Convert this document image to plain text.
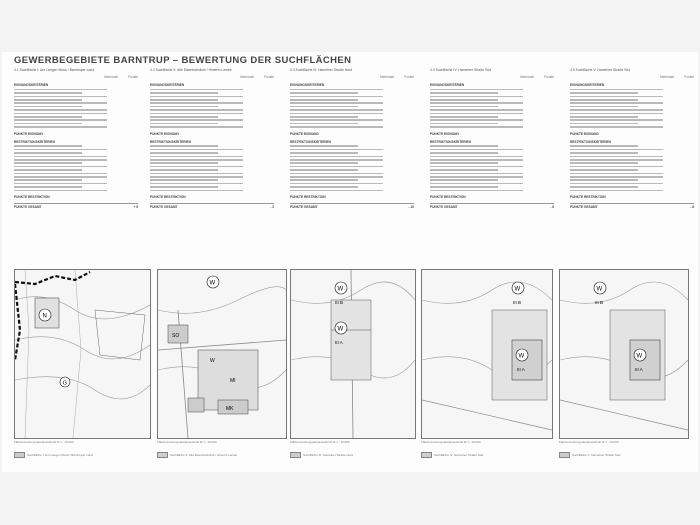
GEWERBEGEBIETE BARNTRUP – BEWERTUNG DER SUCHFLÄCHEN
4.1 Suchfläche I: Am Langen Stück / Barntruper Land
Merkmale	Punkte
EIGNUNGSKRITERIEN
PUNKTE EIGNUNG
RESTRIKTIONSKRITERIEN
PUNKTE RESTRIKTION
PUNKTE GESAMT	+ 5
4.2 Suchfläche II: Alte Eisenbahnlinie / Hinterm Lemke
Merkmale	Punkte
EIGNUNGSKRITERIEN
PUNKTE EIGNUNG
RESTRIKTIONSKRITERIEN
PUNKTE RESTRIKTION
PUNKTE GESAMT	- 3
4.3 Suchfläche III: Hamelner Straße Nord
Merkmale	Punkte
EIGNUNGSKRITERIEN
PUNKTE EIGNUNG
RESTRIKTIONSKRITERIEN
PUNKTE RESTRIKTION
PUNKTE GESAMT	- 10
4.4 Suchfläche IV: Hamelner Straße Süd
Merkmale	Punkte
EIGNUNGSKRITERIEN
PUNKTE EIGNUNG
RESTRIKTIONSKRITERIEN
PUNKTE RESTRIKTION
PUNKTE GESAMT	- 8
4.5 Suchfläche V: Hamelner Straße Süd
Merkmale	Punkte
EIGNUNGSKRITERIEN
PUNKTE EIGNUNG
RESTRIKTIONSKRITERIEN
PUNKTE RESTRIKTION
PUNKTE GESAMT	- 8
N
G
W
SO
MI
MK
W
W
III B
W
III A
W
III B
W
III A
W
III B
W
III A
Flächennutzungsplanausschnitt M 1 : 10.000
Suchfläche I: Am Langen Stück / Barntruper Land
Flächennutzungsplanausschnitt M 1 : 10.000
Suchfläche II: Alte Eisenbahnlinie / Hinterm Lemke
Flächennutzungsplanausschnitt M 1 : 10.000
Suchfläche III: Hamelner Straße Nord
Flächennutzungsplanausschnitt M 1 : 10.000
Suchfläche IV: Hamelner Straße Süd
Flächennutzungsplanausschnitt M 1 : 10.000
Suchfläche V: Hamelner Straße Süd
